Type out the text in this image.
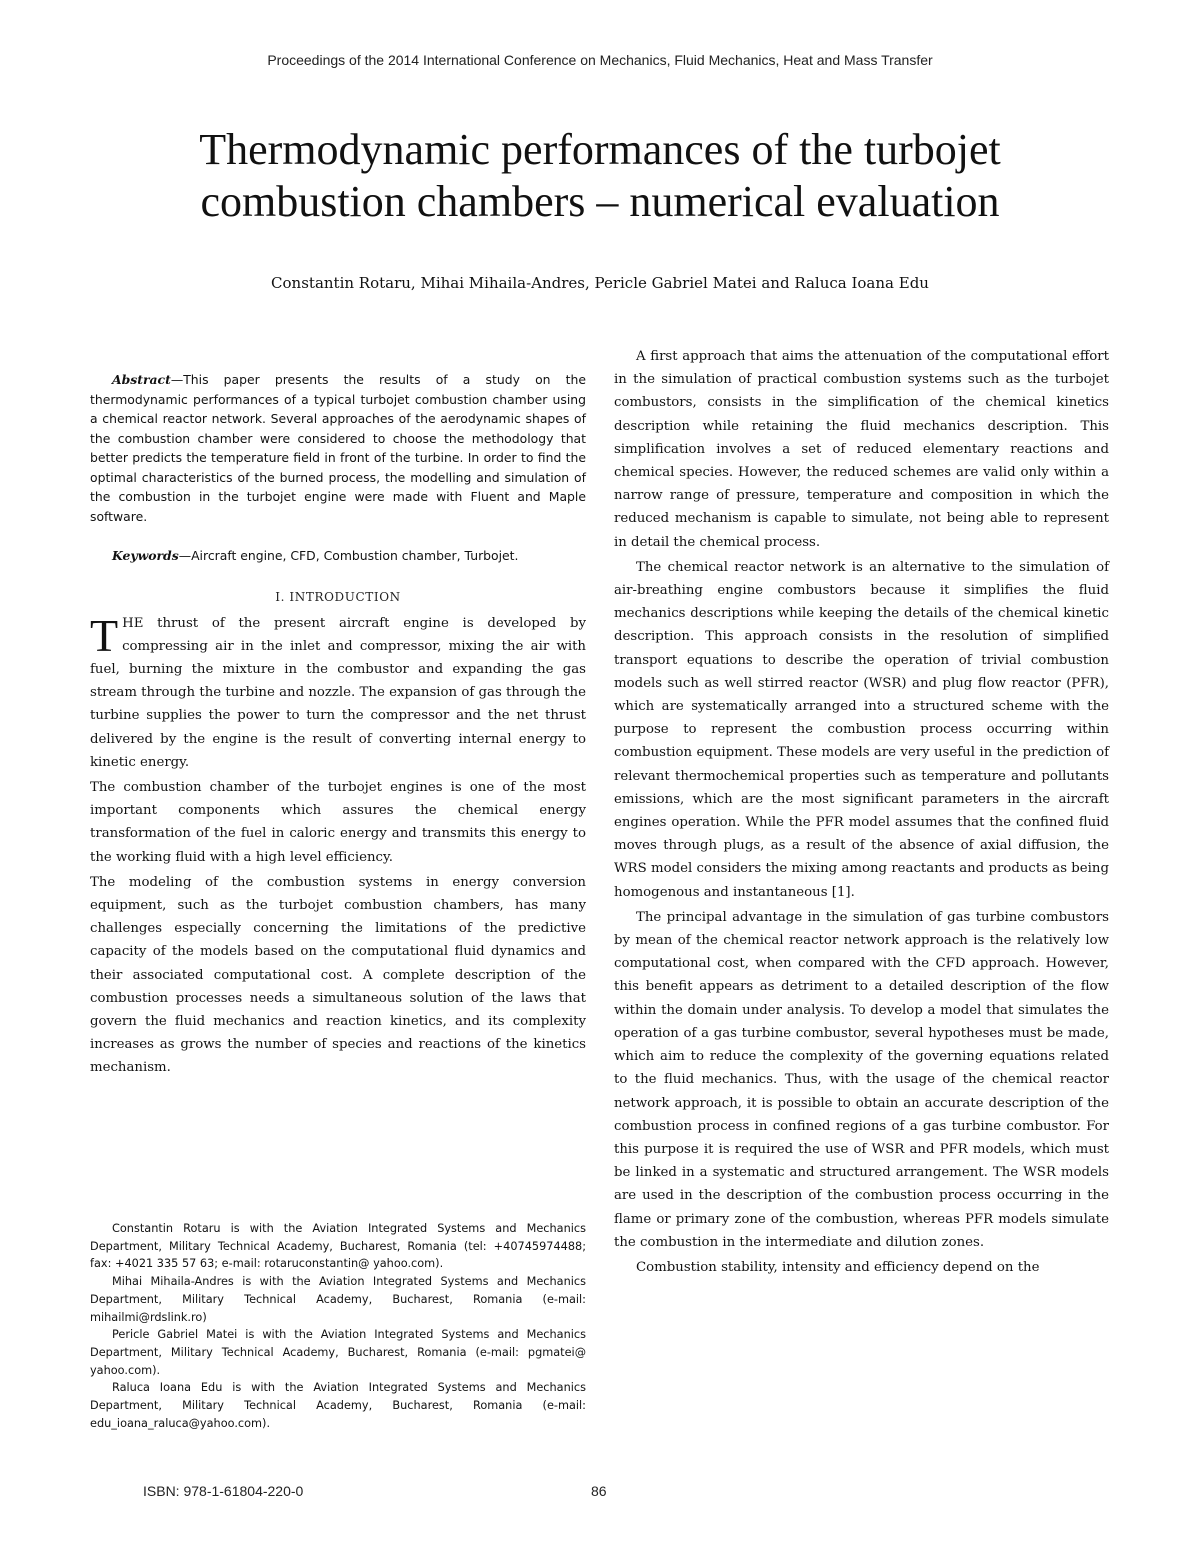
Proceedings of the 2014 International Conference on Mechanics, Fluid Mechanics, Heat and Mass Transfer
Thermodynamic performances of the turbojet
combustion chambers – numerical evaluation
Constantin Rotaru, Mihai Mihaila-Andres, Pericle Gabriel Matei and Raluca Ioana Edu

Abstract—This paper presents the results of a study on the thermodynamic performances of a typical turbojet combustion chamber using a chemical reactor network. Several approaches of the aerodynamic shapes of the combustion chamber were considered to choose the methodology that better predicts the temperature field in front of the turbine. In order to find the optimal characteristics of the burned process, the modelling and simulation of the combustion in the turbojet engine were made with Fluent and Maple software.

Keywords—Aircraft engine, CFD, Combustion chamber, Turbojet.

I. INTRODUCTION

THE thrust of the present aircraft engine is developed by compressing air in the inlet and compressor, mixing the air with fuel, burning the mixture in the combustor and expanding the gas stream through the turbine and nozzle. The expansion of gas through the turbine supplies the power to turn the compressor and the net thrust delivered by the engine is the result of converting internal energy to kinetic energy.

The combustion chamber of the turbojet engines is one of the most important components which assures the chemical energy transformation of the fuel in caloric energy and transmits this energy to the working fluid with a high level efficiency.

The modeling of the combustion systems in energy conversion equipment, such as the turbojet combustion chambers, has many challenges especially concerning the limitations of the predictive capacity of the models based on the computational fluid dynamics and their associated computational cost. A complete description of the combustion processes needs a simultaneous solution of the laws that govern the fluid mechanics and reaction kinetics, and its complexity increases as grows the number of species and reactions of the kinetics mechanism.

Constantin Rotaru is with the Aviation Integrated Systems and Mechanics Department, Military Technical Academy, Bucharest, Romania (tel: +40745974488; fax: +4021 335 57 63; e-mail: rotaruconstantin@ yahoo.com).

Mihai Mihaila-Andres is with the Aviation Integrated Systems and Mechanics Department, Military Technical Academy, Bucharest, Romania (e-mail: mihailmi@rdslink.ro)

Pericle Gabriel Matei is with the Aviation Integrated Systems and Mechanics Department, Military Technical Academy, Bucharest, Romania (e-mail: pgmatei@ yahoo.com).

Raluca Ioana Edu is with the Aviation Integrated Systems and Mechanics Department, Military Technical Academy, Bucharest, Romania (e-mail: edu_ioana_raluca@yahoo.com).

A first approach that aims the attenuation of the computational effort in the simulation of practical combustion systems such as the turbojet combustors, consists in the simplification of the chemical kinetics description while retaining the fluid mechanics description. This simplification involves a set of reduced elementary reactions and chemical species. However, the reduced schemes are valid only within a narrow range of pressure, temperature and composition in which the reduced mechanism is capable to simulate, not being able to represent in detail the chemical process.

The chemical reactor network is an alternative to the simulation of air-breathing engine combustors because it simplifies the fluid mechanics descriptions while keeping the details of the chemical kinetic description. This approach consists in the resolution of simplified transport equations to describe the operation of trivial combustion models such as well stirred reactor (WSR) and plug flow reactor (PFR), which are systematically arranged into a structured scheme with the purpose to represent the combustion process occurring within combustion equipment. These models are very useful in the prediction of relevant thermochemical properties such as temperature and pollutants emissions, which are the most significant parameters in the aircraft engines operation. While the PFR model assumes that the confined fluid moves through plugs, as a result of the absence of axial diffusion, the WRS model considers the mixing among reactants and products as being homogenous and instantaneous [1].

The principal advantage in the simulation of gas turbine combustors by mean of the chemical reactor network approach is the relatively low computational cost, when compared with the CFD approach. However, this benefit appears as detriment to a detailed description of the flow within the domain under analysis. To develop a model that simulates the operation of a gas turbine combustor, several hypotheses must be made, which aim to reduce the complexity of the governing equations related to the fluid mechanics. Thus, with the usage of the chemical reactor network approach, it is possible to obtain an accurate description of the combustion process in confined regions of a gas turbine combustor. For this purpose it is required the use of WSR and PFR models, which must be linked in a systematic and structured arrangement. The WSR models are used in the description of the combustion process occurring in the flame or primary zone of the combustion, whereas PFR models simulate the combustion in the intermediate and dilution zones.

Combustion stability, intensity and efficiency depend on the

ISBN: 978-1-61804-220-0	86
